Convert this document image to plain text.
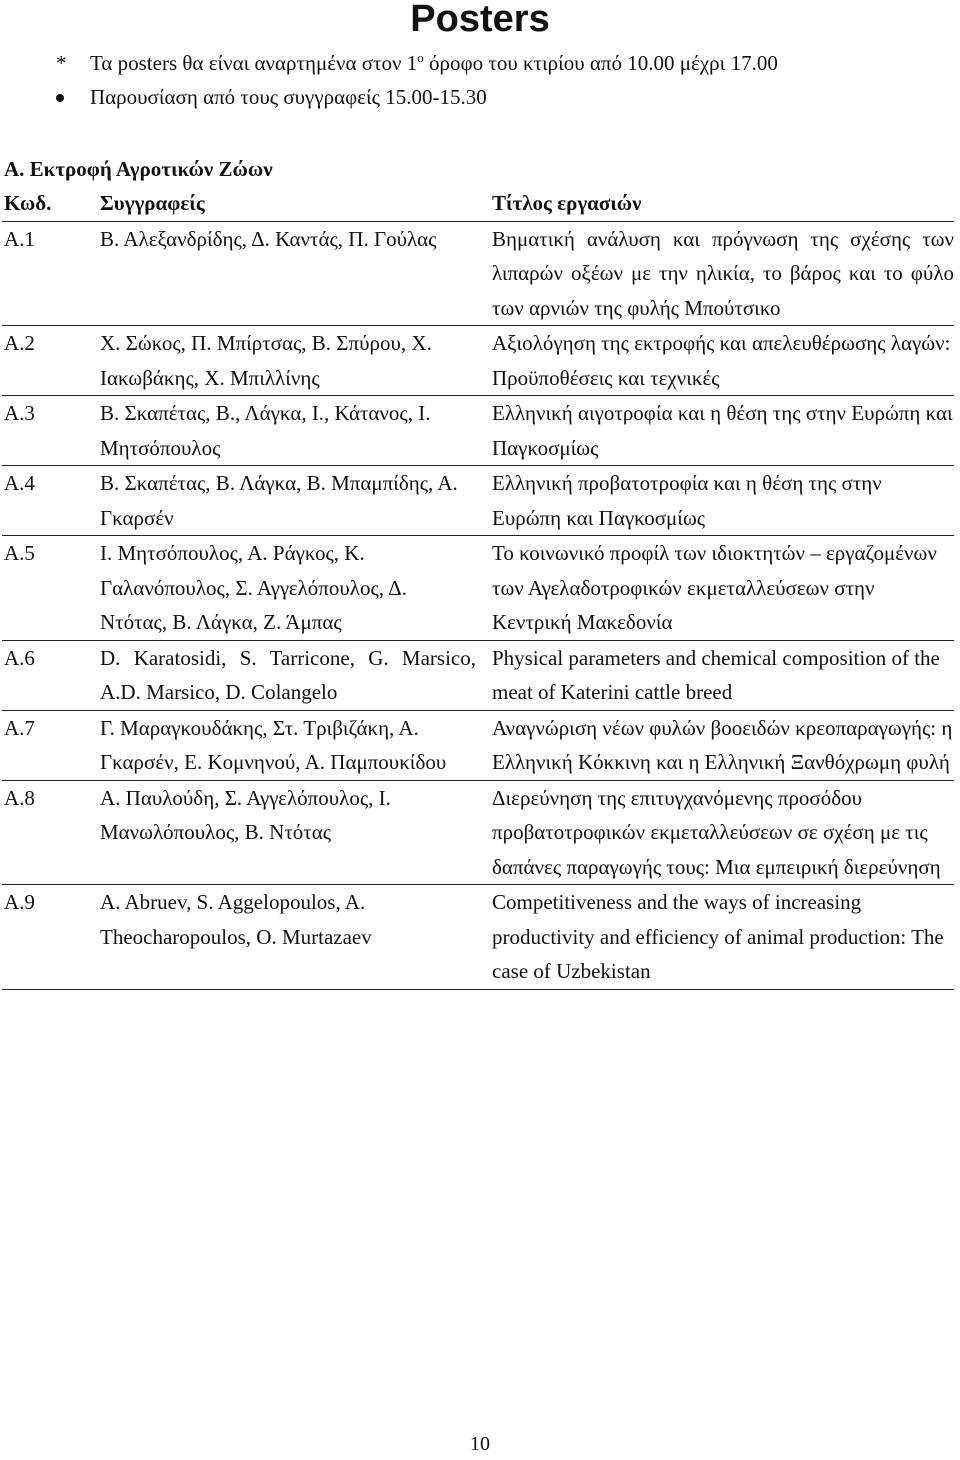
Posters
* Τα posters θα είναι αναρτημένα στον $1^o$ όροφο του κτιρίου από 10.00 μέχρι 17.00
Παρουσίαση από τους συγγραφείς 15.00-15.30
Α. Εκτροφή Αγροτικών Ζώων
Κωδ.	Συγγραφείς	Τίτλος εργασιών
Α.1	Β. Αλεξανδρίδης, Δ. Καντάς, Π. Γούλας	Βηματική ανάλυση και πρόγνωση της σχέσης των λιπαρών οξέων με την ηλικία, το βάρος και το φύλο των αρνιών της φυλής Μπούτσικο
Α.2	Χ. Σώκος, Π. Μπίρτσας, Β. Σπύρου, Χ. Ιακωβάκης, Χ. Μπιλλίνης	Αξιολόγηση της εκτροφής και απελευθέρωσης λαγών: Προϋποθέσεις και τεχνικές
Α.3	Β. Σκαπέτας, Β., Λάγκα, Ι., Κάτανος, Ι. Μητσόπουλος	Ελληνική αιγοτροφία και η θέση της στην Ευρώπη και Παγκοσμίως
Α.4	Β. Σκαπέτας, Β. Λάγκα, Β. Μπαμπίδης, Α. Γκαρσέν	Ελληνική προβατοτροφία και η θέση της στην Ευρώπη και Παγκοσμίως
Α.5	Ι. Μητσόπουλος, Α. Ράγκος, Κ. Γαλανόπουλος, Σ. Αγγελόπουλος, Δ. Ντότας, Β. Λάγκα, Ζ. Άμπας	Το κοινωνικό προφίλ των ιδιοκτητών – εργαζομένων των Αγελαδοτροφικών εκμεταλλεύσεων στην Κεντρική Μακεδονία
Α.6	D. Karatosidi, S. Tarricone, G. Marsico, A.D. Marsico, D. Colangelo	Physical parameters and chemical composition of the meat of Katerini cattle breed
Α.7	Γ. Μαραγκουδάκης, Στ. Τριβιζάκη, Α. Γκαρσέν, Ε. Κομνηνού, Α. Παμπουκίδου	Αναγνώριση νέων φυλών βοοειδών κρεοπαραγωγής: η Ελληνική Κόκκινη και η Ελληνική Ξανθόχρωμη φυλή
Α.8	Α. Παυλούδη, Σ. Αγγελόπουλος, Ι. Μανωλόπουλος, Β. Ντότας	Διερεύνηση της επιτυγχανόμενης προσόδου προβατοτροφικών εκμεταλλεύσεων σε σχέση με τις δαπάνες παραγωγής τους: Μια εμπειρική διερεύνηση
Α.9	A. Abruev, S. Aggelopoulos, A. Theocharopoulos, O. Murtazaev	Competitiveness and the ways of increasing productivity and efficiency of animal production: The case of Uzbekistan
10
